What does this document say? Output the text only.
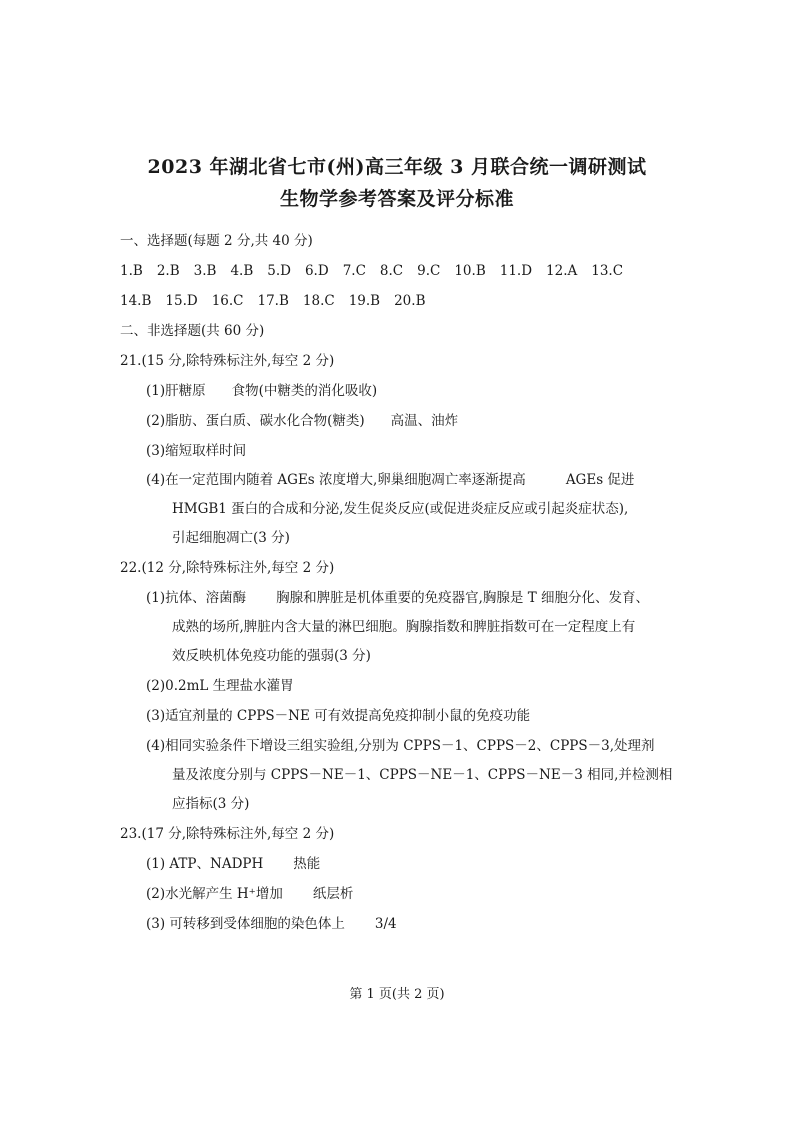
2023 年湖北省七市(州)高三年级 3 月联合统一调研测试
生物学参考答案及评分标准
一、选择题(每题 2 分,共 40 分)
1.B 2.B 3.B 4.B 5.D 6.D 7.C 8.C 9.C 10.B 11.D 12.A 13.C
14.B 15.D 16.C 17.B 18.C 19.B 20.B
二、非选择题(共 60 分)
21.(15 分,除特殊标注外,每空 2 分)
(1)肝糖原 食物(中糖类的消化吸收)
(2)脂肪、蛋白质、碳水化合物(糖类) 高温、油炸
(3)缩短取样时间
(4)在一定范围内随着 AGEs 浓度增大,卵巢细胞凋亡率逐渐提高	AGEs 促进
HMGB1 蛋白的合成和分泌,发生促炎反应(或促进炎症反应或引起炎症状态),
引起细胞凋亡(3 分)
22.(12 分,除特殊标注外,每空 2 分)
(1)抗体、溶菌酶 胸腺和脾脏是机体重要的免疫器官,胸腺是 T 细胞分化、发育、
成熟的场所,脾脏内含大量的淋巴细胞。胸腺指数和脾脏指数可在一定程度上有
效反映机体免疫功能的强弱(3 分)
(2)0.2mL 生理盐水灌胃
(3)适宜剂量的 CPPS－NE 可有效提高免疫抑制小鼠的免疫功能
(4)相同实验条件下增设三组实验组,分别为 CPPS－1、CPPS－2、CPPS－3,处理剂
量及浓度分别与 CPPS－NE－1、CPPS－NE－1、CPPS－NE－3 相同,并检测相
应指标(3 分)
23.(17 分,除特殊标注外,每空 2 分)
(1) ATP、NADPH 热能
(2)水光解产生 H⁺增加 纸层析
(3) 可转移到受体细胞的染色体上 3/4
第 1 页(共 2 页)
